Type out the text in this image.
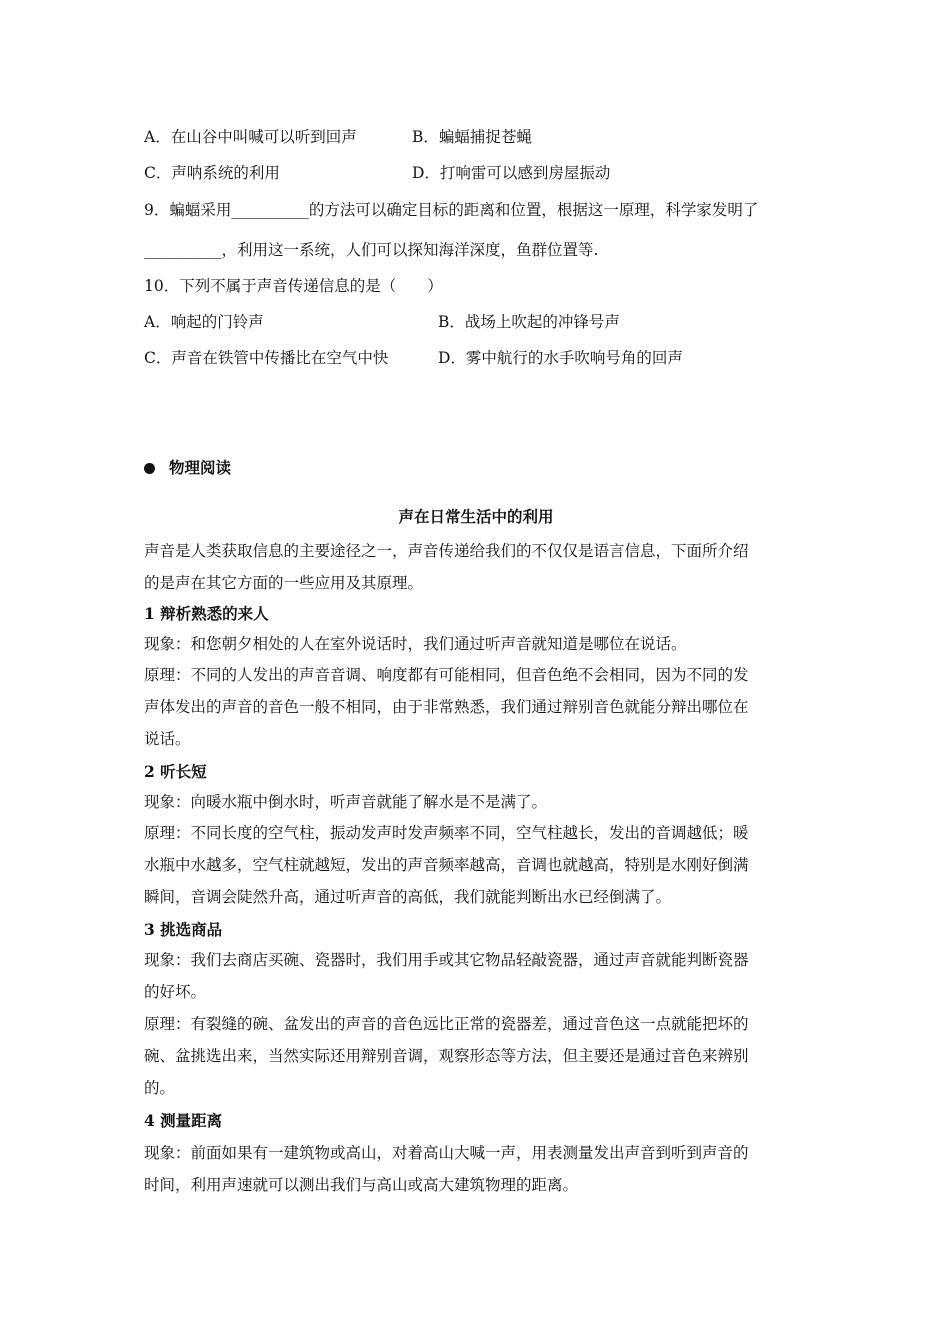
A．在山谷中叫喊可以听到回声	B．蝙蝠捕捉苍蝇
C．声呐系统的利用	D．打响雷可以感到房屋振动
9．蝙蝠采用__________的方法可以确定目标的距离和位置，根据这一原理，科学家发明了
__________，利用这一系统，人们可以探知海洋深度，鱼群位置等.
10．下列不属于声音传递信息的是（　　）
A．响起的门铃声	B．战场上吹起的冲锋号声
C．声音在铁管中传播比在空气中快	D．雾中航行的水手吹响号角的回声
物理阅读
声在日常生活中的利用
声音是人类获取信息的主要途径之一，声音传递给我们的不仅仅是语言信息，下面所介绍
的是声在其它方面的一些应用及其原理。
1 辩析熟悉的来人
现象：和您朝夕相处的人在室外说话时，我们通过听声音就知道是哪位在说话。
原理：不同的人发出的声音音调、响度都有可能相同，但音色绝不会相同，因为不同的发
声体发出的声音的音色一般不相同，由于非常熟悉，我们通过辩别音色就能分辩出哪位在
说话。
2 听长短
现象：向暖水瓶中倒水时，听声音就能了解水是不是满了。
原理：不同长度的空气柱，振动发声时发声频率不同，空气柱越长，发出的音调越低；暖
水瓶中水越多，空气柱就越短，发出的声音频率越高，音调也就越高，特别是水刚好倒满
瞬间，音调会陡然升高，通过听声音的高低，我们就能判断出水已经倒满了。
3 挑选商品
现象：我们去商店买碗、瓷器时，我们用手或其它物品轻敲瓷器，通过声音就能判断瓷器
的好坏。
原理：有裂缝的碗、盆发出的声音的音色远比正常的瓷器差，通过音色这一点就能把坏的
碗、盆挑选出来，当然实际还用辩别音调，观察形态等方法，但主要还是通过音色来辨别
的。
4 测量距离
现象：前面如果有一建筑物或高山，对着高山大喊一声，用表测量发出声音到听到声音的
时间，利用声速就可以测出我们与高山或高大建筑物理的距离。
